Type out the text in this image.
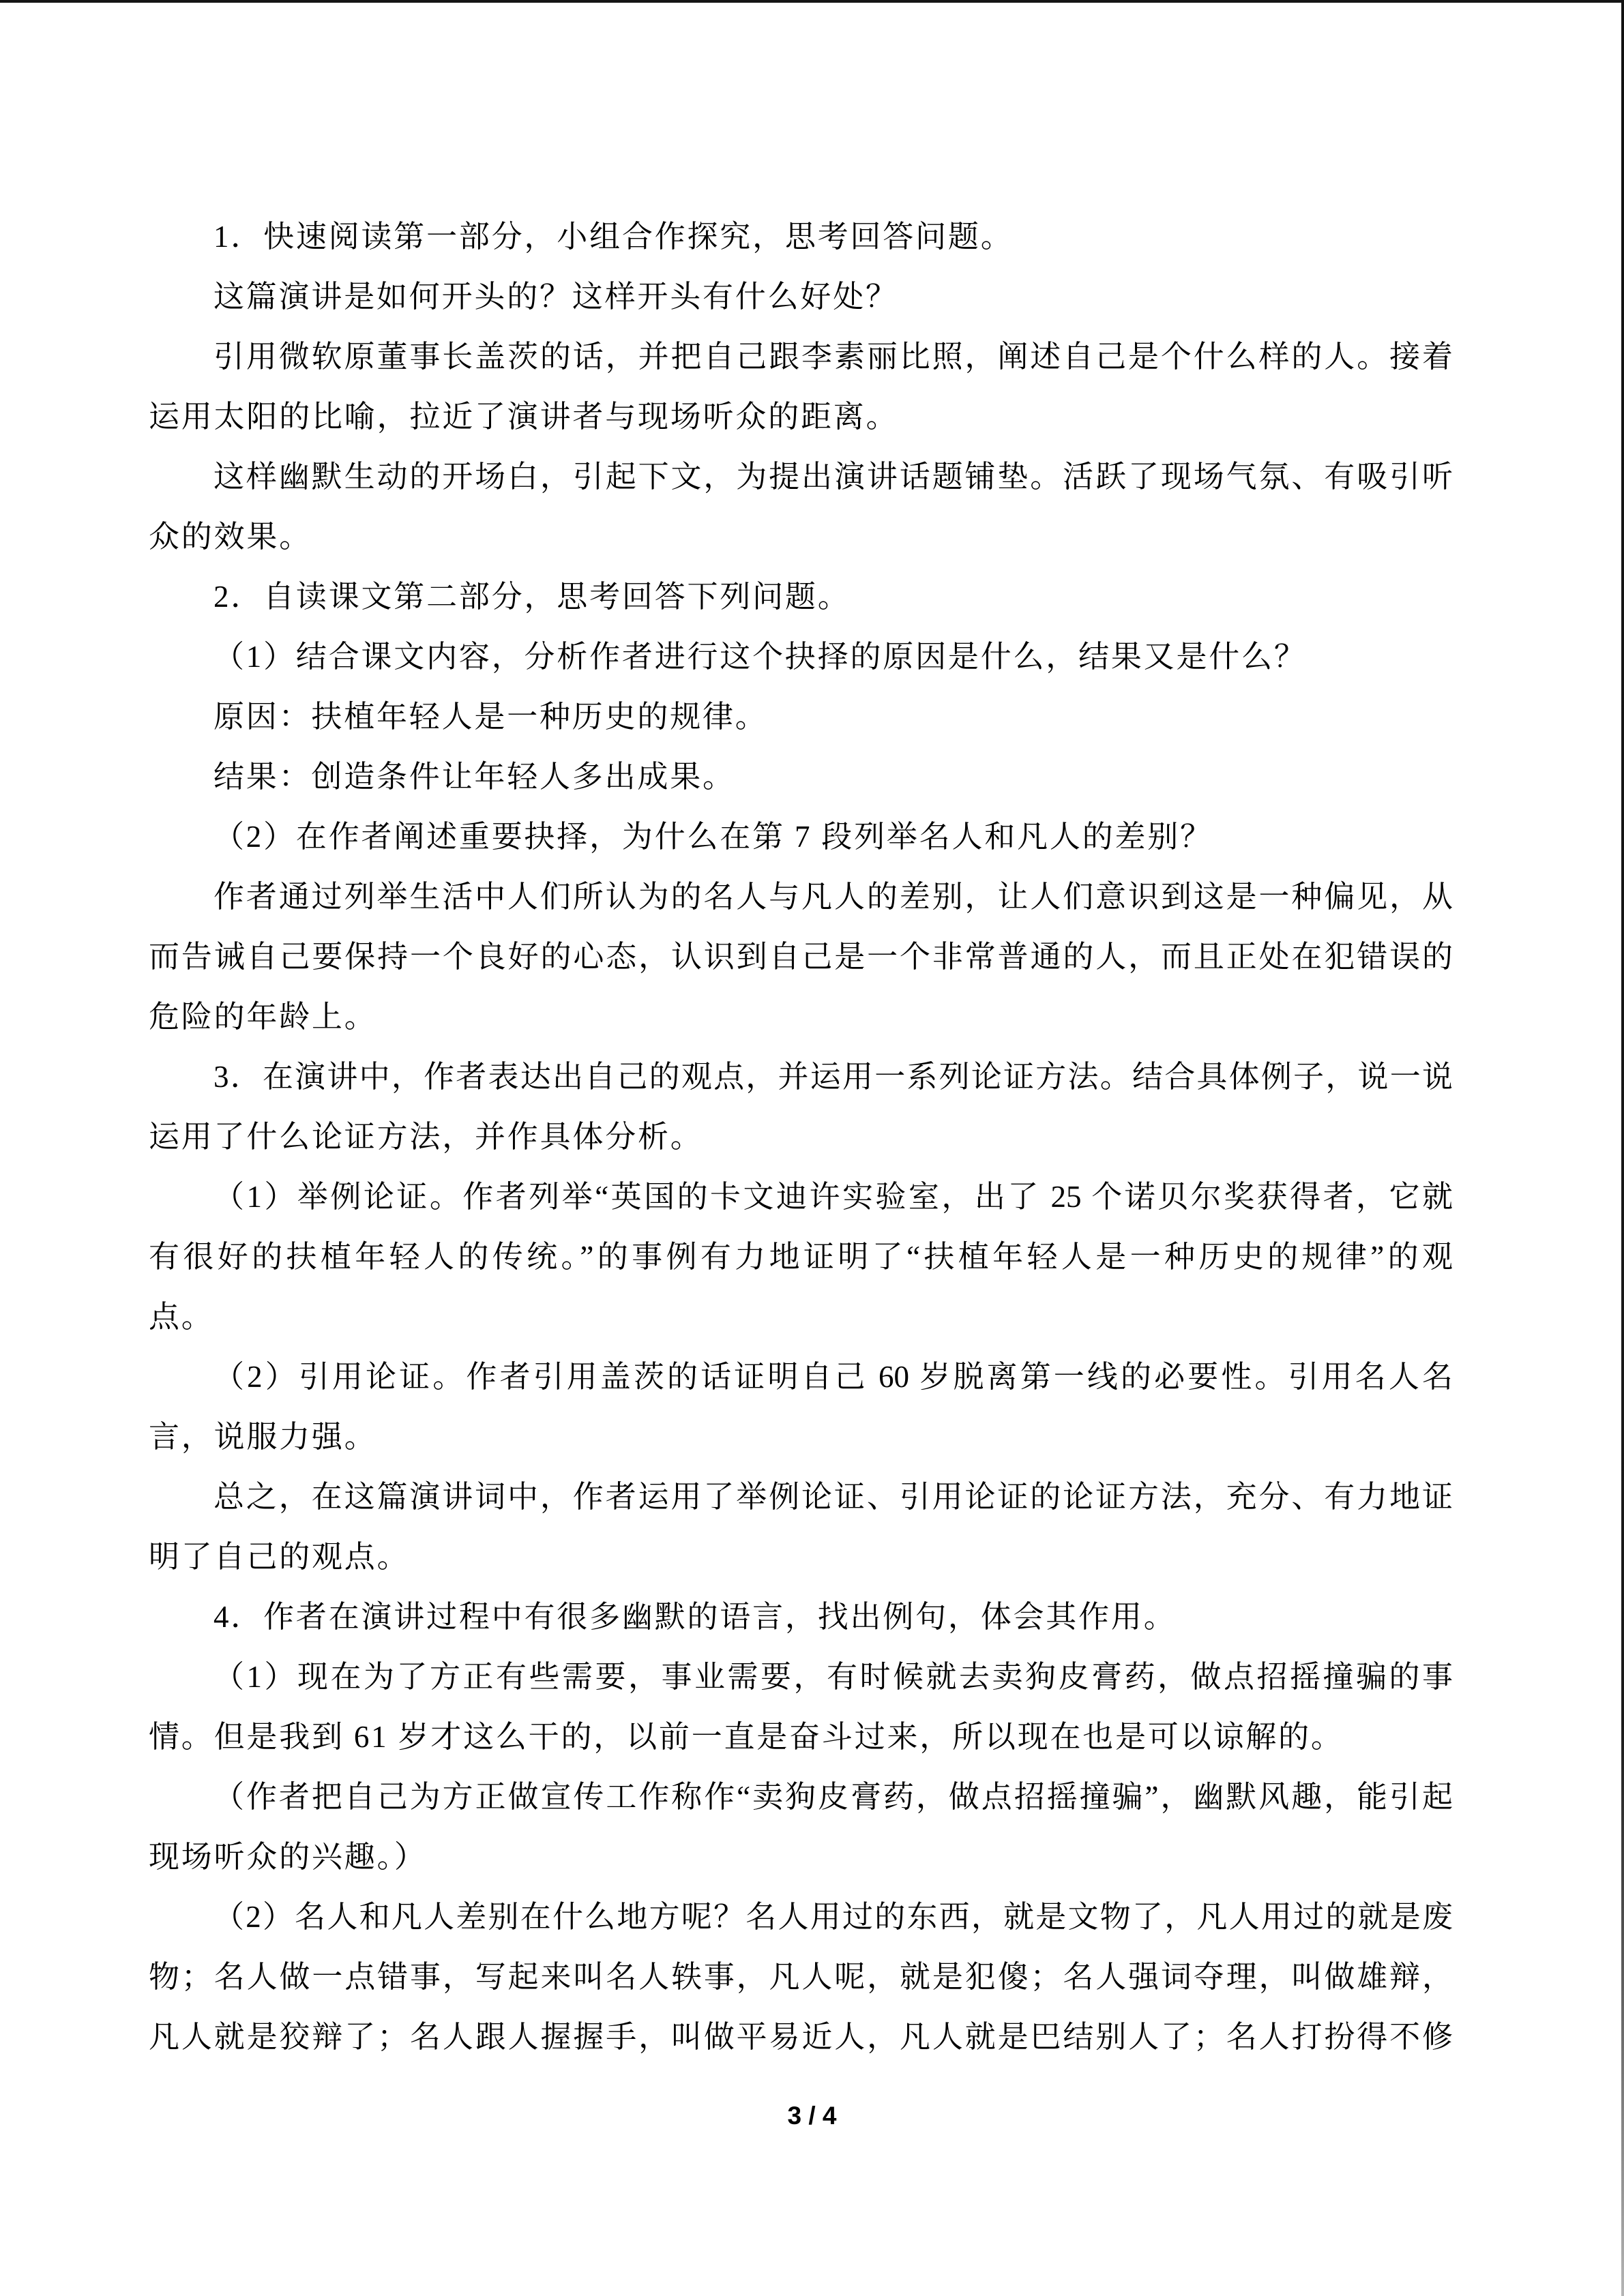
1．快速阅读第一部分，小组合作探究，思考回答问题。
这篇演讲是如何开头的？这样开头有什么好处？
引用微软原董事长盖茨的话，并把自己跟李素丽比照，阐述自己是个什么样的人。接着
运用太阳的比喻，拉近了演讲者与现场听众的距离。
这样幽默生动的开场白，引起下文，为提出演讲话题铺垫。活跃了现场气氛、有吸引听
众的效果。
2．自读课文第二部分，思考回答下列问题。
（1）结合课文内容，分析作者进行这个抉择的原因是什么，结果又是什么？
原因：扶植年轻人是一种历史的规律。
结果：创造条件让年轻人多出成果。
（2）在作者阐述重要抉择，为什么在第 7 段列举名人和凡人的差别？
作者通过列举生活中人们所认为的名人与凡人的差别，让人们意识到这是一种偏见，从
而告诫自己要保持一个良好的心态，认识到自己是一个非常普通的人，而且正处在犯错误的
危险的年龄上。
3．在演讲中，作者表达出自己的观点，并运用一系列论证方法。结合具体例子，说一说
运用了什么论证方法，并作具体分析。
（1）举例论证。作者列举“英国的卡文迪许实验室，出了 25 个诺贝尔奖获得者，它就
有很好的扶植年轻人的传统。”的事例有力地证明了“扶植年轻人是一种历史的规律”的观
点。
（2）引用论证。作者引用盖茨的话证明自己 60 岁脱离第一线的必要性。引用名人名
言，说服力强。
总之，在这篇演讲词中，作者运用了举例论证、引用论证的论证方法，充分、有力地证
明了自己的观点。
4．作者在演讲过程中有很多幽默的语言，找出例句，体会其作用。
（1）现在为了方正有些需要，事业需要，有时候就去卖狗皮膏药，做点招摇撞骗的事
情。但是我到 61 岁才这么干的，以前一直是奋斗过来，所以现在也是可以谅解的。
（作者把自己为方正做宣传工作称作“卖狗皮膏药，做点招摇撞骗”，幽默风趣，能引起
现场听众的兴趣。）
（2）名人和凡人差别在什么地方呢？名人用过的东西，就是文物了，凡人用过的就是废
物；名人做一点错事，写起来叫名人轶事，凡人呢，就是犯傻；名人强词夺理，叫做雄辩，
凡人就是狡辩了；名人跟人握握手，叫做平易近人，凡人就是巴结别人了；名人打扮得不修
3 / 4
